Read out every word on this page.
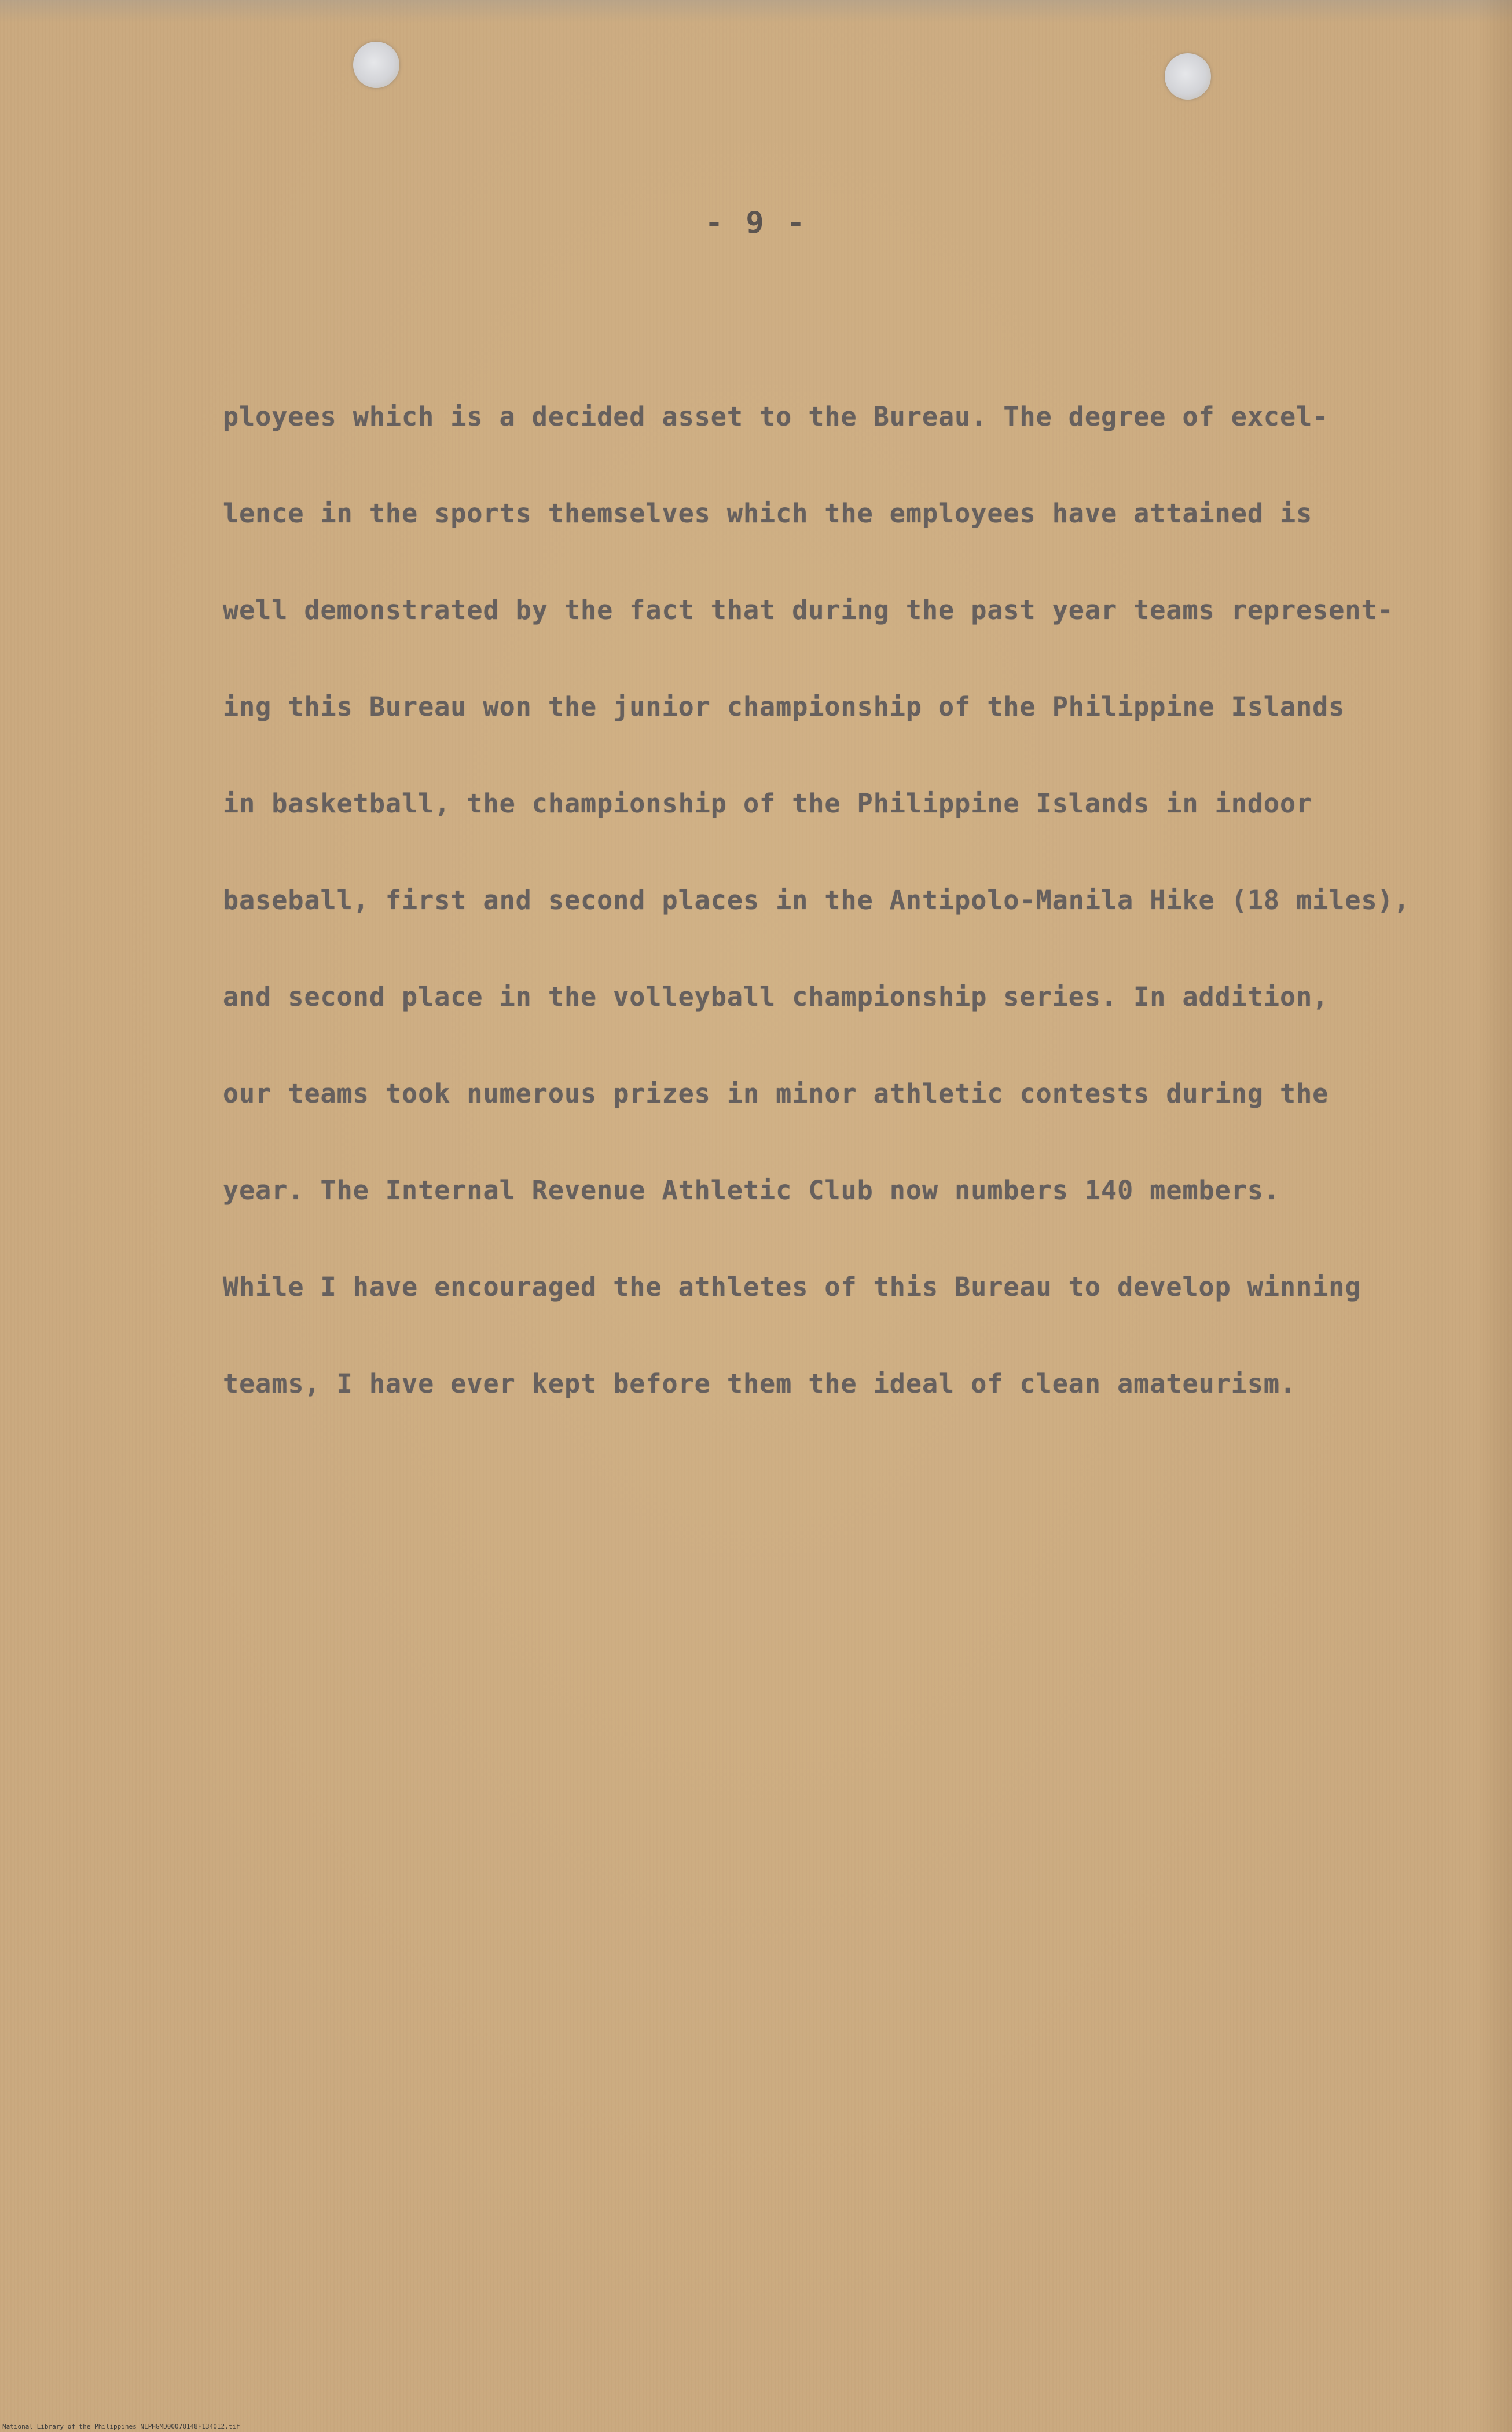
- 9 -
ployees which is a decided asset to the Bureau. The degree of excel-
lence in the sports themselves which the employees have attained is
well demonstrated by the fact that during the past year teams represent-
ing this Bureau won the junior championship of the Philippine Islands
in basketball, the championship of the Philippine Islands in indoor
baseball, first and second places in the Antipolo-Manila Hike (18 miles),
and second place in the volleyball championship series. In addition,
our teams took numerous prizes in minor athletic contests during the
year. The Internal Revenue Athletic Club now numbers 140 members.
While I have encouraged the athletes of this Bureau to develop winning
teams, I have ever kept before them the ideal of clean amateurism.
National Library of the Philippines NLPHGMD00078148F134012.tif
